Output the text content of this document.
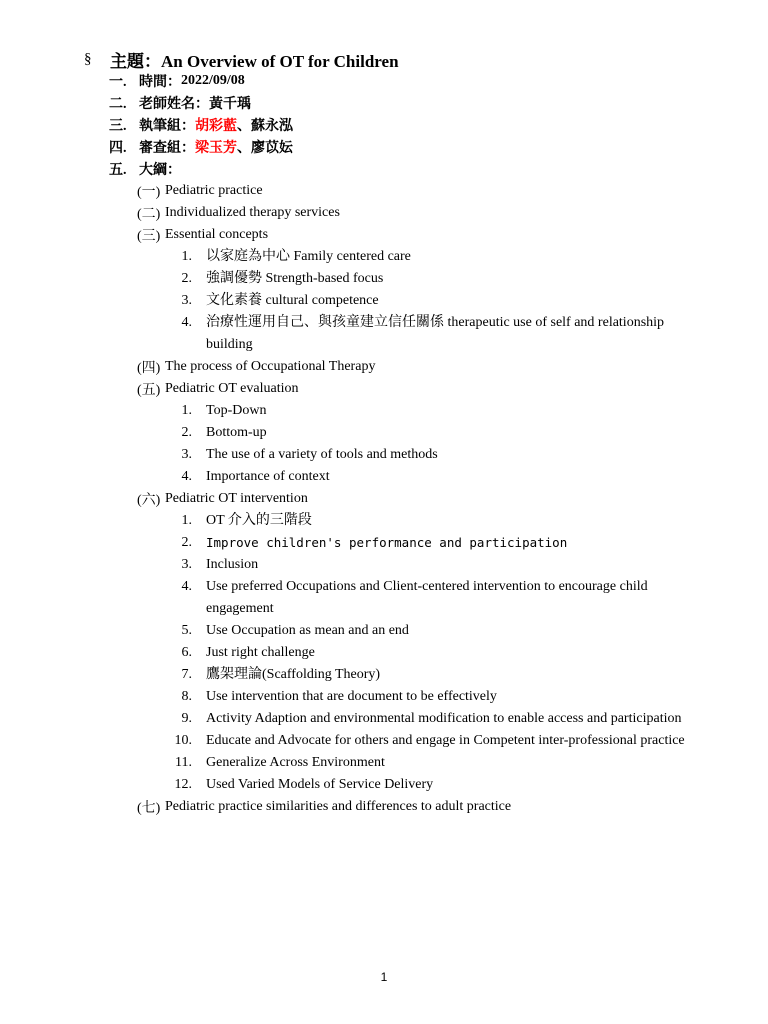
§	主題：An Overview of OT for Children
一. 時間： 2022/09/08
二. 老師姓名： 黃千瑀
三. 執筆組： 胡彩藍 、 蘇永泓
四. 審查組： 梁玉芳 、 廖苡妘
五. 大綱：
(一) Pediatric practice
(二) Individualized therapy services
(三) Essential concepts
1.	以家庭為中心 Family centered care
2.	強調優勢 Strength-based focus
3.	文化素養 cultural competence
4.	治療性運用自己、與孩童建立信任關係 therapeutic use of self and relationship building
(四) The process of Occupational Therapy
(五) Pediatric OT evaluation
1.	Top-Down
2.	Bottom-up
3.	The use of a variety of tools and methods
4.	Importance of context
(六) Pediatric OT intervention
1.	OT 介入的三階段
2.	Improve children's performance and participation
3.	Inclusion
4.	Use preferred Occupations and Client-centered intervention to encourage child engagement
5.	Use Occupation as mean and an end
6.	Just right challenge
7.	鷹架理論(Scaffolding Theory)
8.	Use intervention that are document to be effectively
9.	Activity Adaption and environmental modification to enable access and participation
10.	Educate and Advocate for others and engage in Competent inter-professional practice
11.	Generalize Across Environment
12.	Used Varied Models of Service Delivery
(七) Pediatric practice similarities and differences to adult practice
1
